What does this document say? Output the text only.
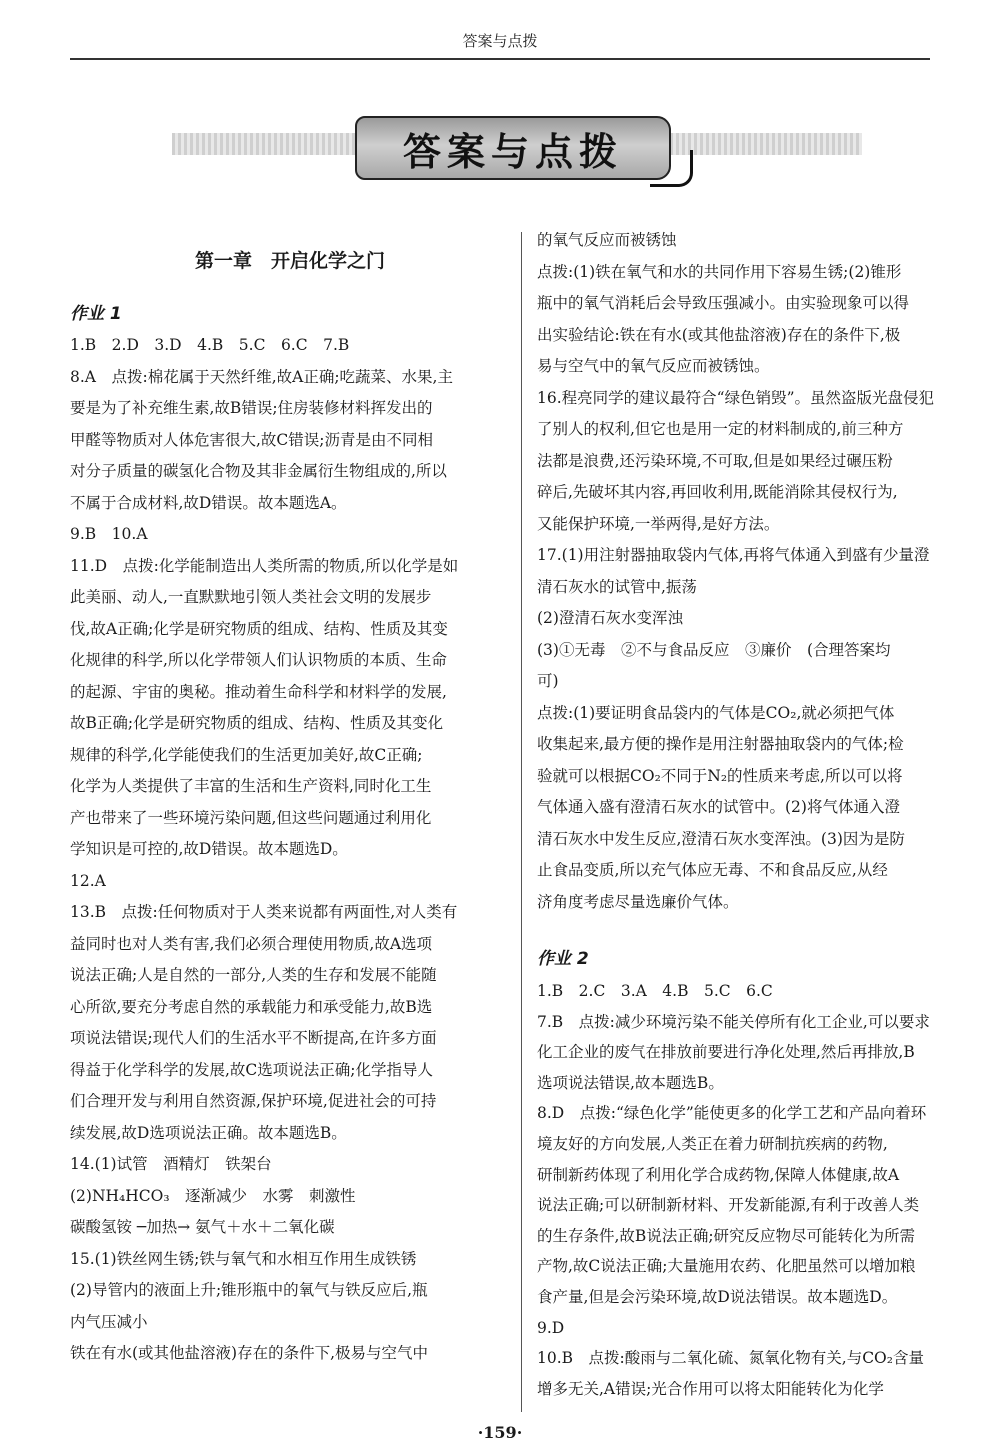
答案与点拨
答案与点拨
第一章　开启化学之门
作业 1
1.B　2.D　3.D　4.B　5.C　6.C　7.B
8.A　点拨:棉花属于天然纤维,故A正确;吃蔬菜、水果,主
要是为了补充维生素,故B错误;住房装修材料挥发出的
甲醛等物质对人体危害很大,故C错误;沥青是由不同相
对分子质量的碳氢化合物及其非金属衍生物组成的,所以
不属于合成材料,故D错误。故本题选A。
9.B　10.A
11.D　点拨:化学能制造出人类所需的物质,所以化学是如
此美丽、动人,一直默默地引领人类社会文明的发展步
伐,故A正确;化学是研究物质的组成、结构、性质及其变
化规律的科学,所以化学带领人们认识物质的本质、生命
的起源、宇宙的奥秘。推动着生命科学和材料学的发展,
故B正确;化学是研究物质的组成、结构、性质及其变化
规律的科学,化学能使我们的生活更加美好,故C正确;
化学为人类提供了丰富的生活和生产资料,同时化工生
产也带来了一些环境污染问题,但这些问题通过利用化
学知识是可控的,故D错误。故本题选D。
12.A
13.B　点拨:任何物质对于人类来说都有两面性,对人类有
益同时也对人类有害,我们必须合理使用物质,故A选项
说法正确;人是自然的一部分,人类的生存和发展不能随
心所欲,要充分考虑自然的承载能力和承受能力,故B选
项说法错误;现代人们的生活水平不断提高,在许多方面
得益于化学科学的发展,故C选项说法正确;化学指导人
们合理开发与利用自然资源,保护环境,促进社会的可持
续发展,故D选项说法正确。故本题选B。
14.(1)试管　酒精灯　铁架台
(2)NH₄HCO₃　逐渐减少　水雾　刺激性
碳酸氢铵 ─加热→ 氨气＋水＋二氧化碳
15.(1)铁丝网生锈;铁与氧气和水相互作用生成铁锈
(2)导管内的液面上升;锥形瓶中的氧气与铁反应后,瓶
内气压减小
铁在有水(或其他盐溶液)存在的条件下,极易与空气中
的氧气反应而被锈蚀
点拨:(1)铁在氧气和水的共同作用下容易生锈;(2)锥形
瓶中的氧气消耗后会导致压强减小。由实验现象可以得
出实验结论:铁在有水(或其他盐溶液)存在的条件下,极
易与空气中的氧气反应而被锈蚀。
16.程亮同学的建议最符合“绿色销毁”。虽然盗版光盘侵犯
了别人的权利,但它也是用一定的材料制成的,前三种方
法都是浪费,还污染环境,不可取,但是如果经过碾压粉
碎后,先破坏其内容,再回收利用,既能消除其侵权行为,
又能保护环境,一举两得,是好方法。
17.(1)用注射器抽取袋内气体,再将气体通入到盛有少量澄
清石灰水的试管中,振荡
(2)澄清石灰水变浑浊
(3)①无毒　②不与食品反应　③廉价　(合理答案均
可)
点拨:(1)要证明食品袋内的气体是CO₂,就必须把气体
收集起来,最方便的操作是用注射器抽取袋内的气体;检
验就可以根据CO₂不同于N₂的性质来考虑,所以可以将
气体通入盛有澄清石灰水的试管中。(2)将气体通入澄
清石灰水中发生反应,澄清石灰水变浑浊。(3)因为是防
止食品变质,所以充气体应无毒、不和食品反应,从经
济角度考虑尽量选廉价气体。
作业 2
1.B　2.C　3.A　4.B　5.C　6.C
7.B　点拨:减少环境污染不能关停所有化工企业,可以要求
化工企业的废气在排放前要进行净化处理,然后再排放,B
选项说法错误,故本题选B。
8.D　点拨:“绿色化学”能使更多的化学工艺和产品向着环
境友好的方向发展,人类正在着力研制抗疾病的药物,
研制新药体现了利用化学合成药物,保障人体健康,故A
说法正确;可以研制新材料、开发新能源,有利于改善人类
的生存条件,故B说法正确;研究反应物尽可能转化为所需
产物,故C说法正确;大量施用农药、化肥虽然可以增加粮
食产量,但是会污染环境,故D说法错误。故本题选D。
9.D
10.B　点拨:酸雨与二氧化硫、氮氧化物有关,与CO₂含量
增多无关,A错误;光合作用可以将太阳能转化为化学
·159·
